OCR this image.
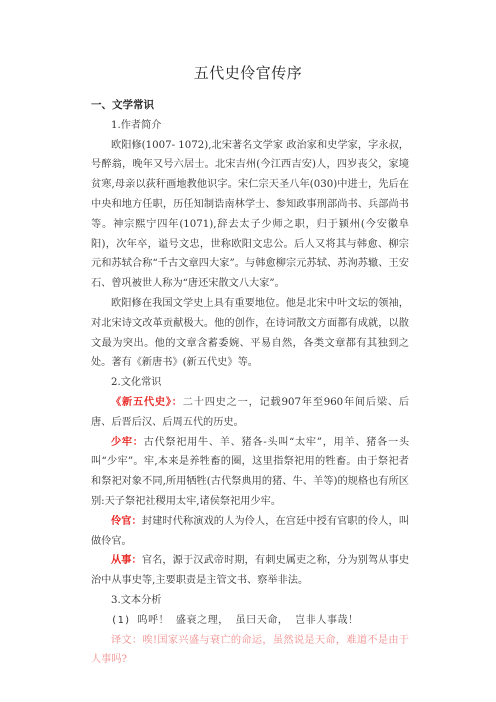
五代史伶官传序

一、文学常识

1.作者简介

欧阳修(1007- 1072),北宋著名文学家 政治家和史学家，字永叔，号醉翁，晚年又号六居士。北宋吉州(今江西吉安)人，四岁丧父，家境贫寒,母亲以荻秆画地教他识字。宋仁宗天圣八年(030)中进士，先后在中央和地方任职，历任知制诰南林学士、参知政事刑部尚书、兵部尚书等。神宗熙宁四年(1071),辞去太子少师之职，归于颍州(今安徽阜阳)，次年卒，谥号文忠，世称欧阳文忠公。后人又将其与韩愈、柳宗元和苏轼合称“千古文章四大家”。与韩愈柳宗元苏轼、苏洵苏辙、王安石、曾巩被世人称为“唐还宋散文八大家”。

欧阳修在我国文学史上具有重要地位。他是北宋中叶文坛的领袖，对北宋诗文改革贡献极大。他的创作，在诗词散文方面都有成就，以散文最为突出。他的文章含蓄委婉、平易自然，各类文章都有其独到之处。著有《新唐书》(新五代史》等。

2.文化常识

《新五代史》：二十四史之一，记载907年至960年间后梁、后唐、后晋后汉、后周五代的历史。

少牢：古代祭祀用牛、羊、猪各-头叫“太牢”，用羊、猪各一头叫“少牢”。牢,本来是养牲畜的圈，这里指祭祀用的牲畜。由于祭祀者和祭祀对象不同,所用牺牲(古代祭典用的猪、牛、羊等)的规格也有所区别:天子祭祀社稷用太牢,诸侯祭祀用少牢。

伶官：封建时代称演戏的人为伶人，在宫廷中授有官职的伶人，叫做伶官。

从事：官名，源于汉武帝时期，有刺史属吏之称，分为别驾从事史治中从事史等,主要职责是主管文书、察举非法。

3.文本分析

(1) 呜呼！ 盛衰之理， 虽曰天命， 岂非人事哉！

译文：唉!国家兴盛与衰亡的命运，虽然说是天命，难道不是由于人事吗?
